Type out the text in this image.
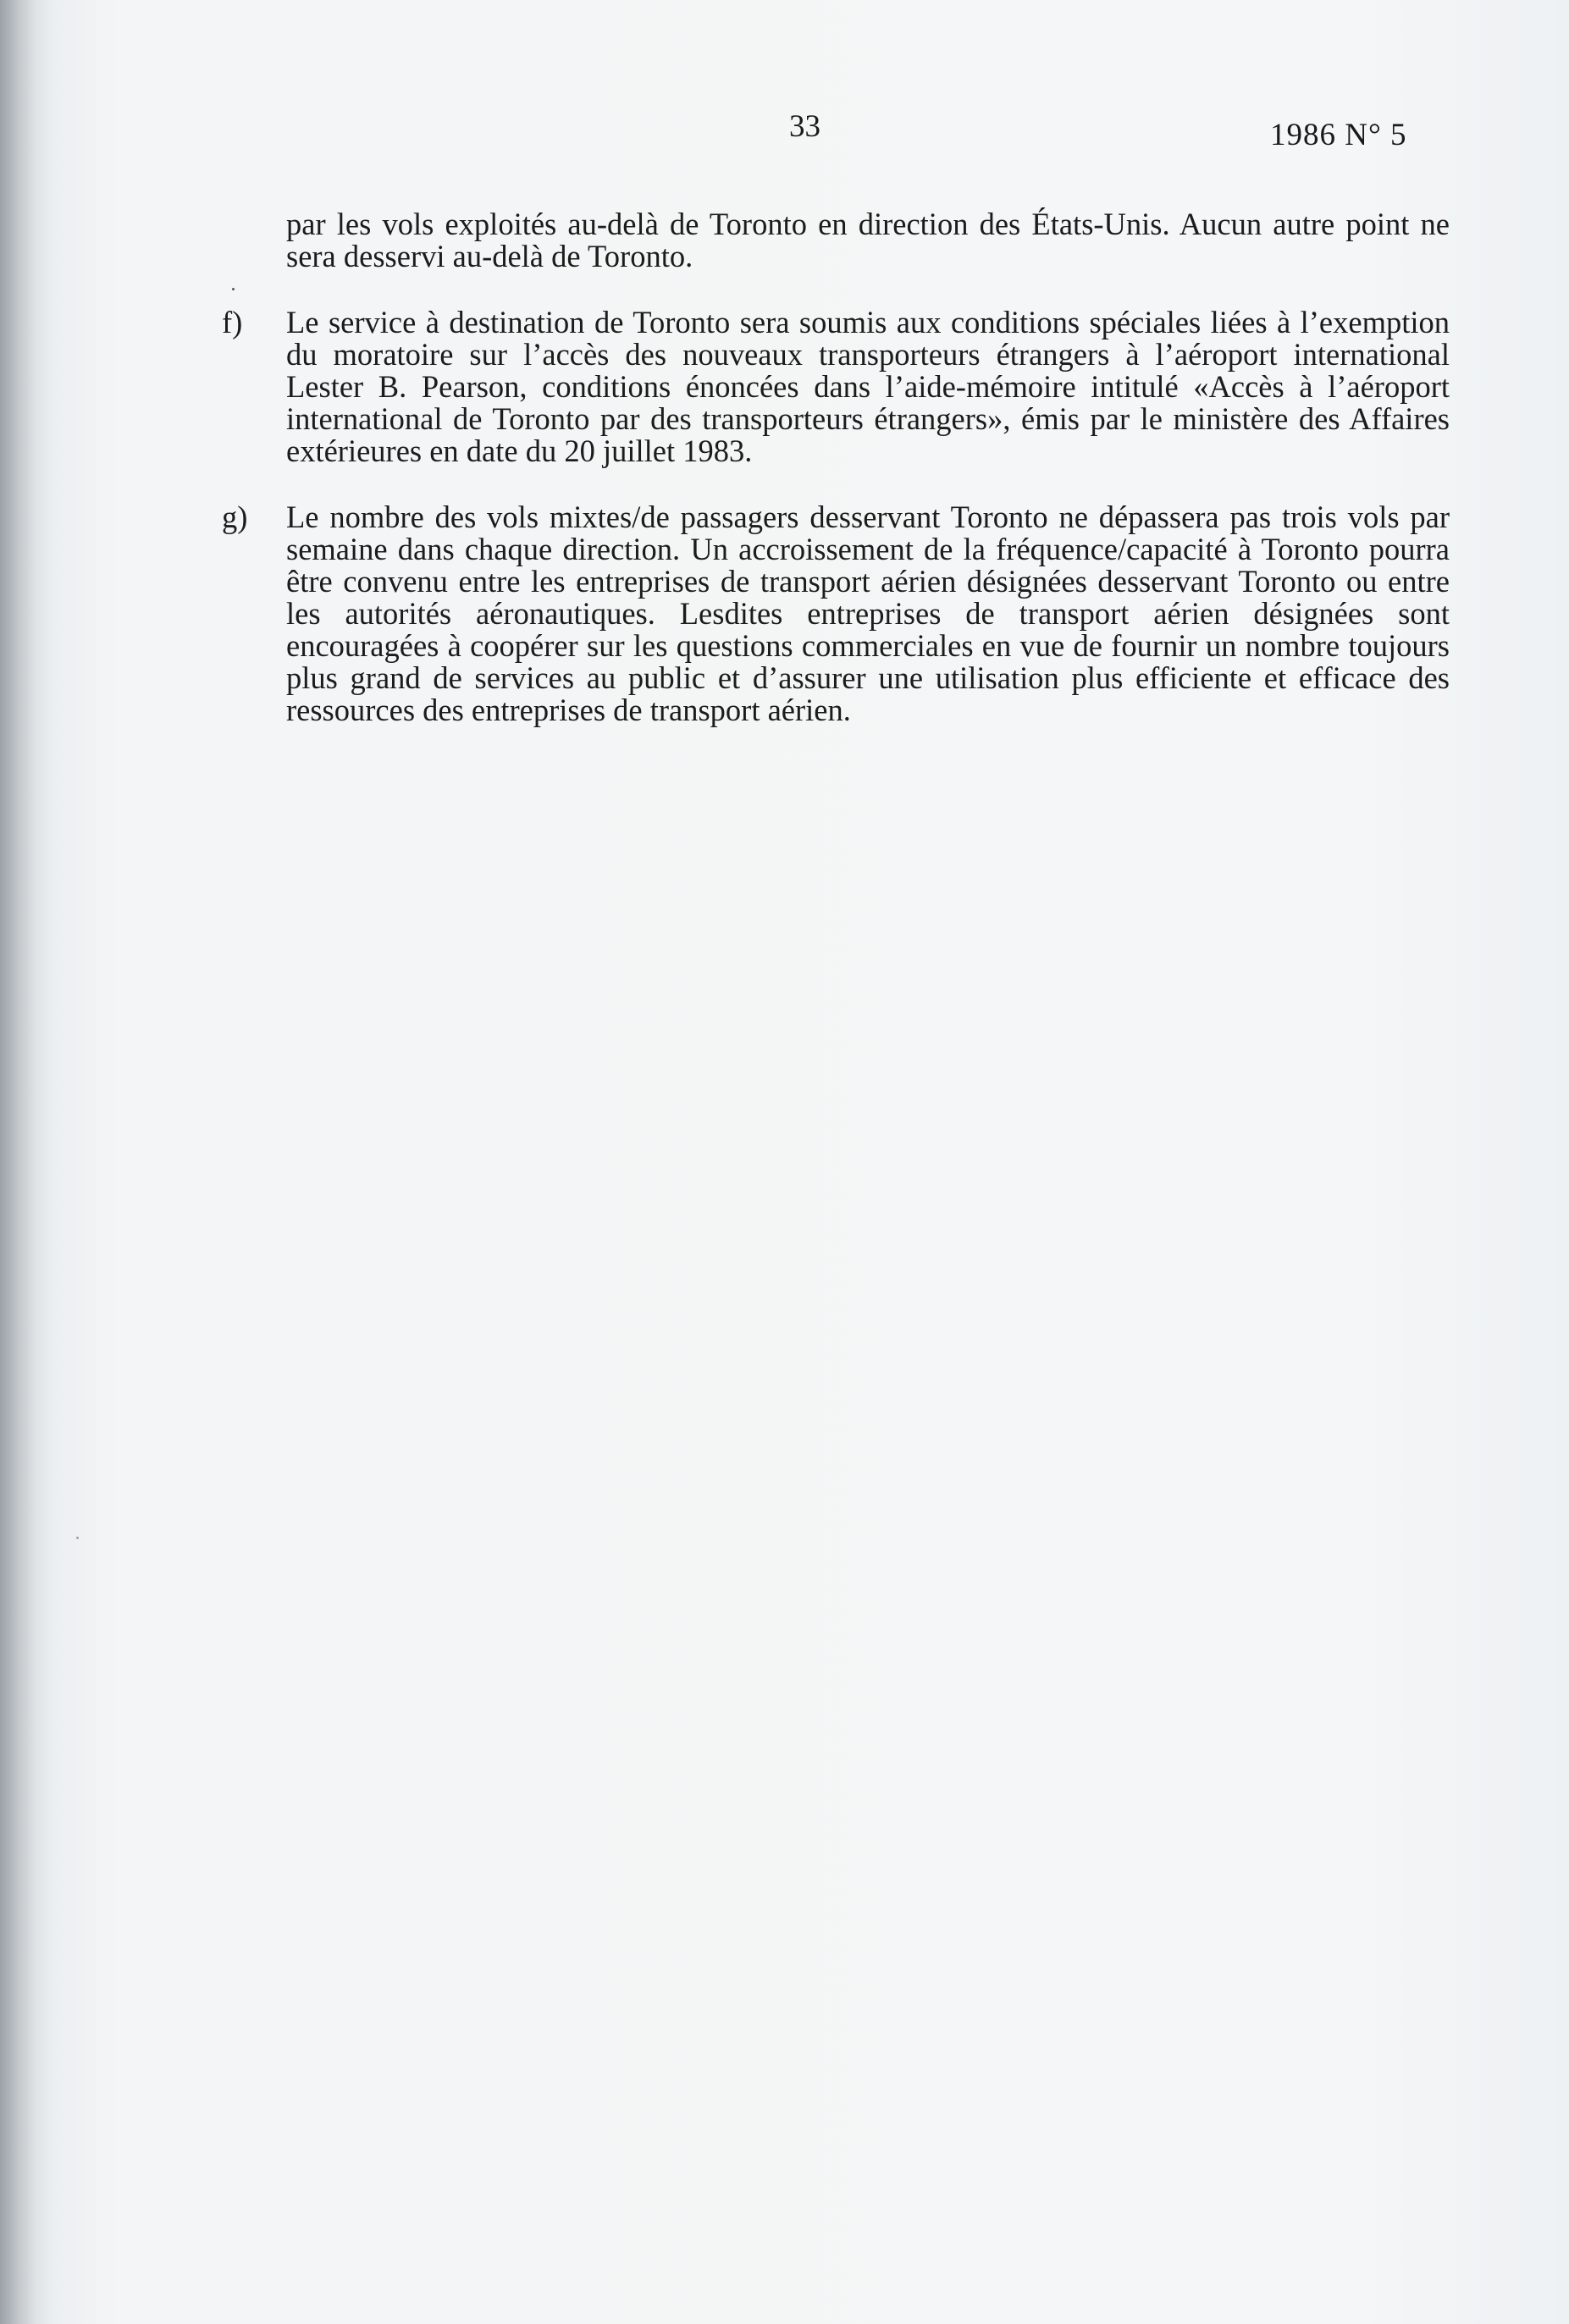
33	1986 N° 5

par les vols exploités au-delà de Toronto en direction des États-Unis. Aucun autre point ne sera desservi au-delà de Toronto.

f)	Le service à destination de Toronto sera soumis aux conditions spéciales liées à l’exemption du moratoire sur l’accès des nouveaux transporteurs étrangers à l’aéroport international Lester B. Pearson, conditions énoncées dans l’aide-mémoire intitulé «Accès à l’aéroport international de Toronto par des transporteurs étrangers», émis par le ministère des Affaires extérieures en date du 20 juillet 1983.
g)	Le nombre des vols mixtes/de passagers desservant Toronto ne dépassera pas trois vols par semaine dans chaque direction. Un accroissement de la fréquence/capacité à Toronto pourra être convenu entre les entreprises de transport aérien désignées desservant Toronto ou entre les autorités aéronautiques. Lesdites entreprises de transport aérien désignées sont encouragées à coopérer sur les questions commerciales en vue de fournir un nombre toujours plus grand de services au public et d’assurer une utilisation plus efficiente et efficace des ressources des entreprises de transport aérien.
